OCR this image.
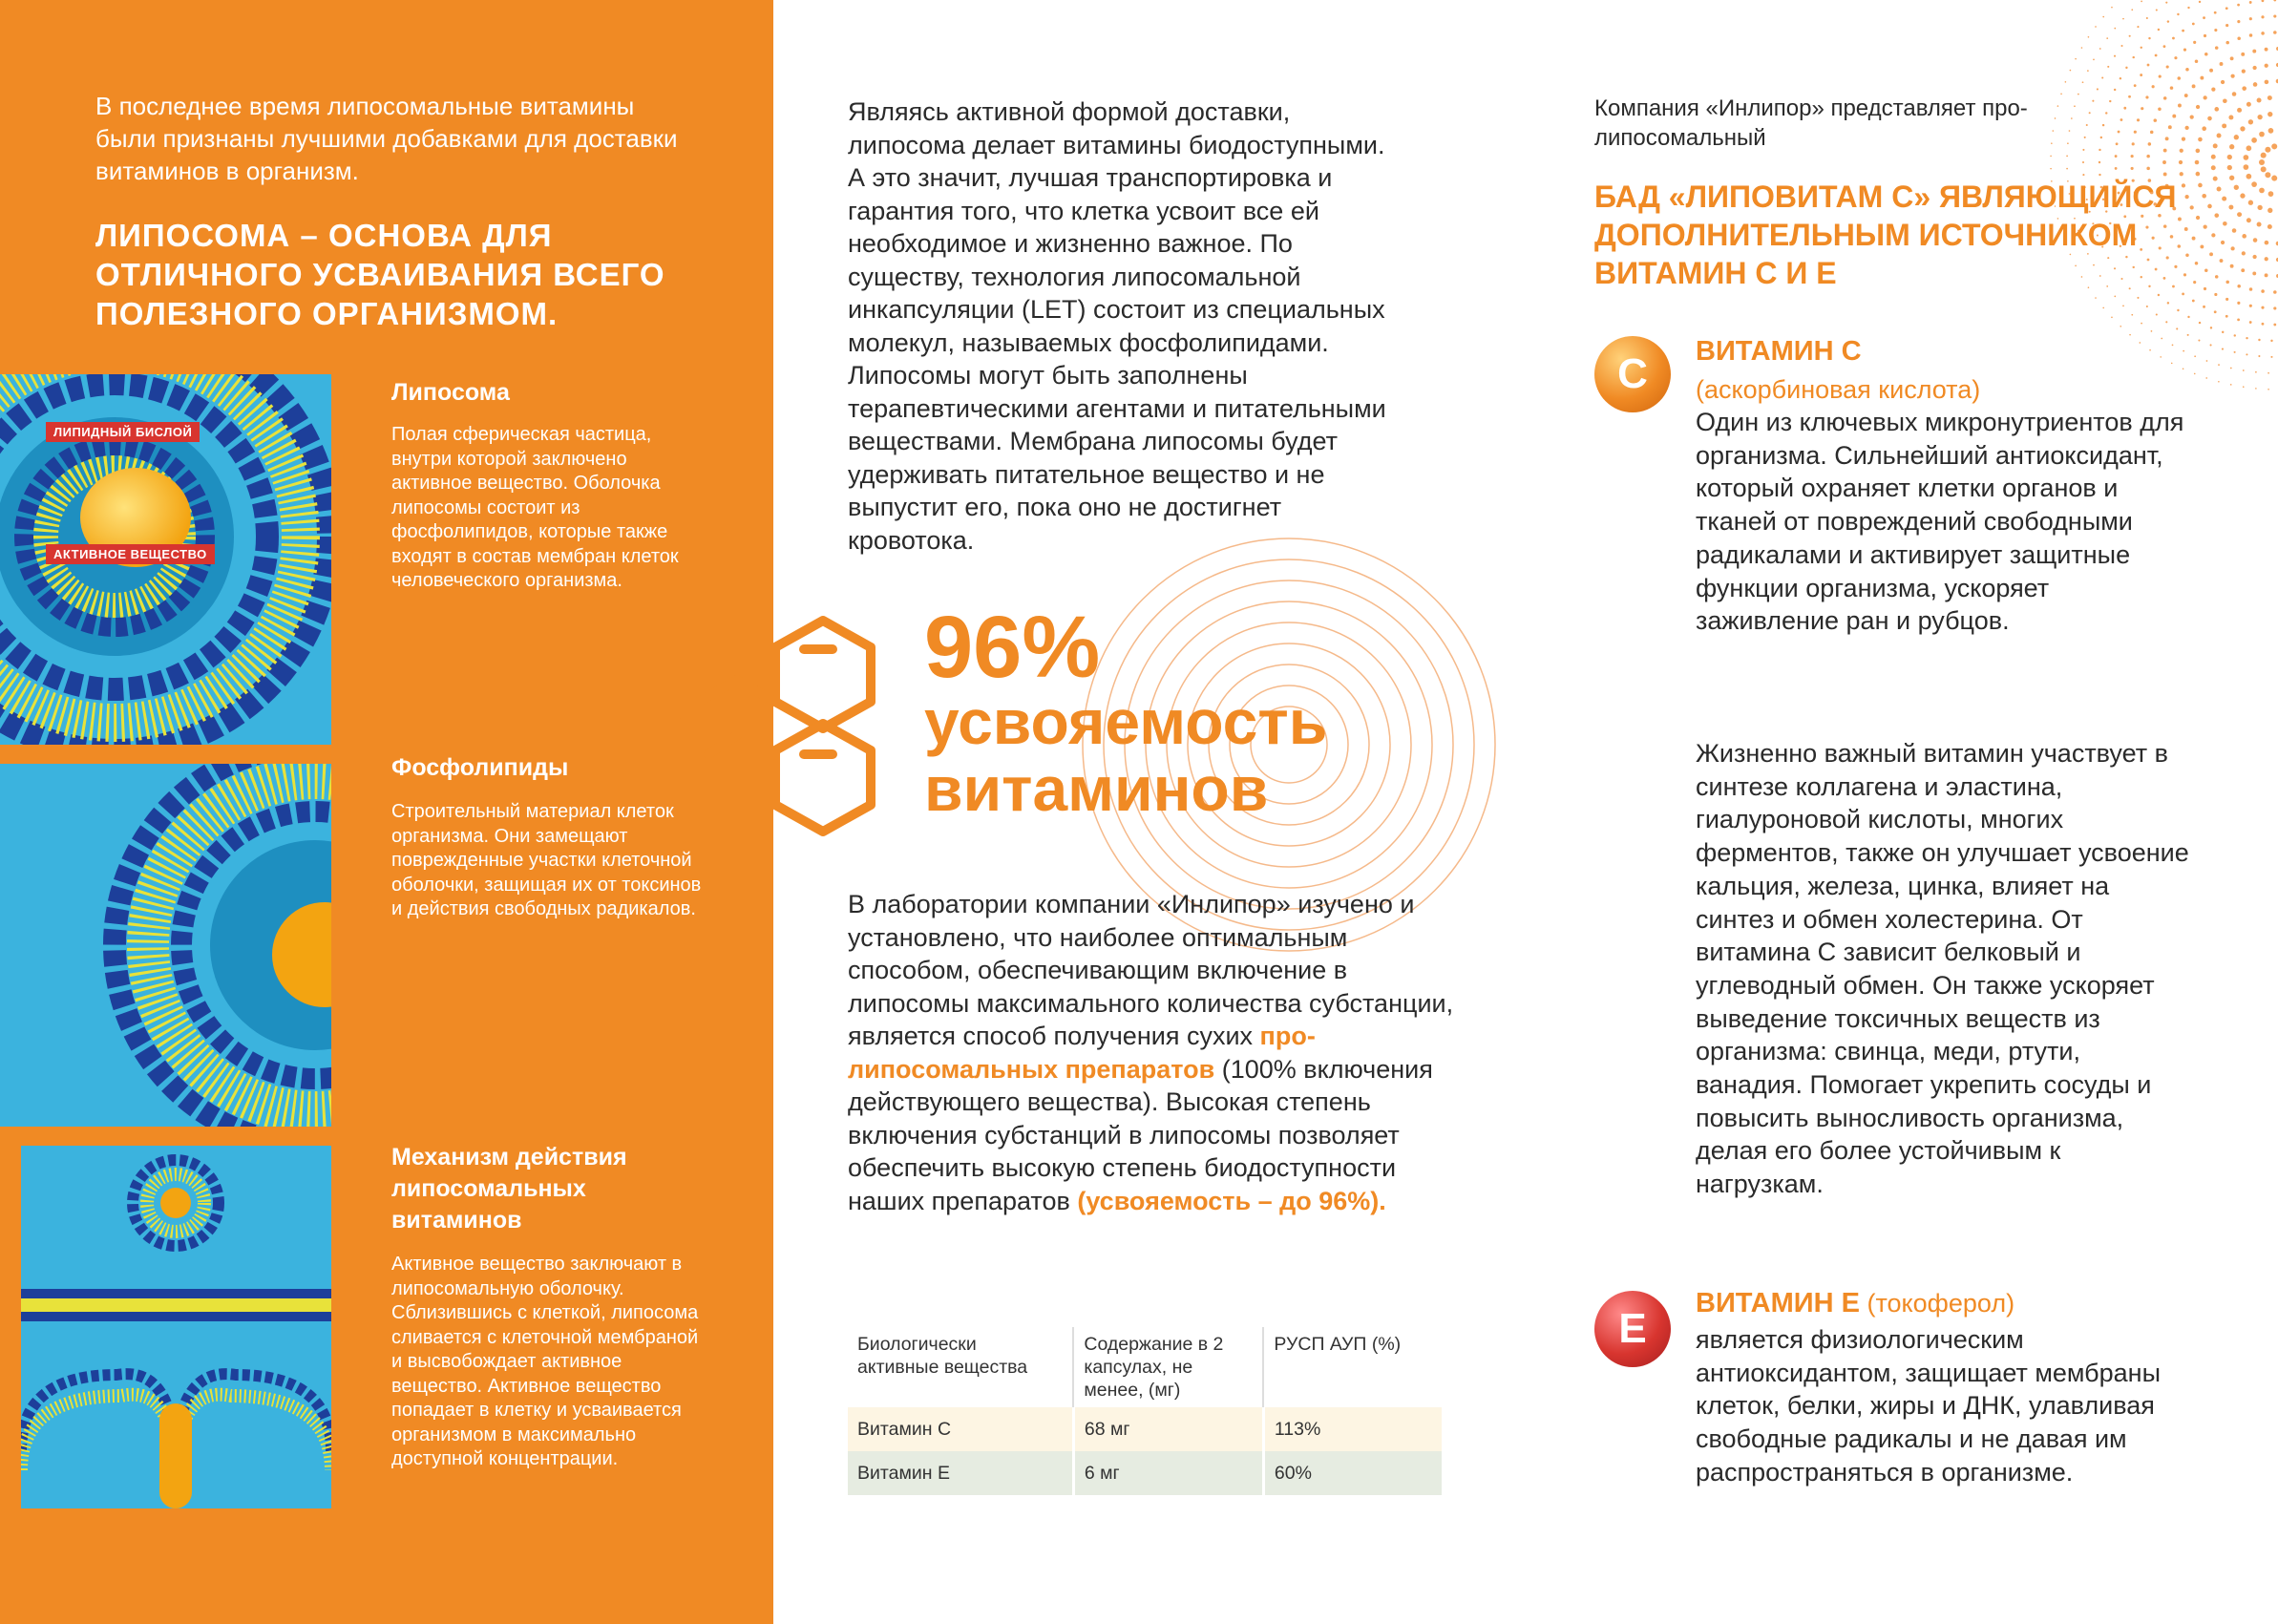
В последнее время липосомальные витамины были признаны лучшими добавками для доставки витаминов в организм.
ЛИПОСОМА – ОСНОВА ДЛЯ ОТЛИЧНОГО УСВАИВАНИЯ ВСЕГО ПОЛЕЗНОГО ОРГАНИЗМОМ.
ЛИПИДНЫЙ БИСЛОЙ
АКТИВНОЕ ВЕЩЕСТВО
Липосома
Полая сферическая частица, внутри которой заключено активное вещество. Оболочка липосомы состоит из фосфолипидов, которые также входят в состав мембран клеток человеческого организма.
Фосфолипиды
Строительный материал клеток организма. Они замещают поврежденные участки клеточной оболочки, защищая их от токсинов и действия свободных радикалов.
Механизм действия липосомальных витаминов
Активное вещество заключают в липосомальную оболочку. Сблизившись с клеткой, липосома сливается с клеточной мембраной и высвобождает активное вещество. Активное вещество попадает в клетку и усваивается организмом в максимально доступной концентрации.
Являясь активной формой доставки, липосома делает витамины биодоступными. А это значит, лучшая транспортировка и гарантия того, что клетка усвоит все ей необходимое и жизненно важное. По существу, технология липосомальной инкапсуляции (LET) состоит из специальных молекул, называемых фосфолипидами. Липосомы могут быть заполнены терапевтическими агентами и питательными веществами. Мембрана липосомы будет удерживать питательное вещество и не выпустит его, пока оно не достигнет кровотока.
96%
усвояемость
витаминов
В лаборатории компании «Инлипор» изучено и установлено, что наиболее оптимальным способом, обеспечивающим включение в липосомы максимального количества субстанции, является способ получения сухих про-липосомальных препаратов (100% включения действующего вещества). Высокая степень включения субстанций в липосомы позволяет обеспечить высокую степень биодоступности наших препаратов (усвояемость – до 96%).
Биологически активные вещества	Содержание в 2 капсулах, не менее, (мг)	РУСП АУП (%)
Витамин С	68 мг	113%
Витамин Е	6 мг	60%
Компания «Инлипор» представляет про-липосомальный
БАД «ЛИПОВИТАМ С» ЯВЛЯЮЩИЙСЯ ДОПОЛНИТЕЛЬНЫМ ИСТОЧНИКОМ ВИТАМИН С И Е
C	ВИТАМИН С
(аскорбиновая кислота)
Один из ключевых микронутриентов для организма. Сильнейший антиоксидант, который охраняет клетки органов и тканей от повреждений свободными радикалами и активирует защитные функции организма, ускоряет заживление ран и рубцов.
Жизненно важный витамин участвует в синтезе коллагена и эластина, гиалуроновой кислоты, многих ферментов, также он улучшает усвоение кальция, железа, цинка, влияет на синтез и обмен холестерина. От витамина С зависит белковый и углеводный обмен. Он также ускоряет выведение токсичных веществ из организма: свинца, меди, ртути, ванадия. Помогает укрепить сосуды и повысить выносливость организма, делая его более устойчивым к нагрузкам.
E
ВИТАМИН Е (токоферол)
является физиологическим антиоксидантом, защищает мембраны клеток, белки, жиры и ДНК, улавливая свободные радикалы и не давая им распространяться в организме.
